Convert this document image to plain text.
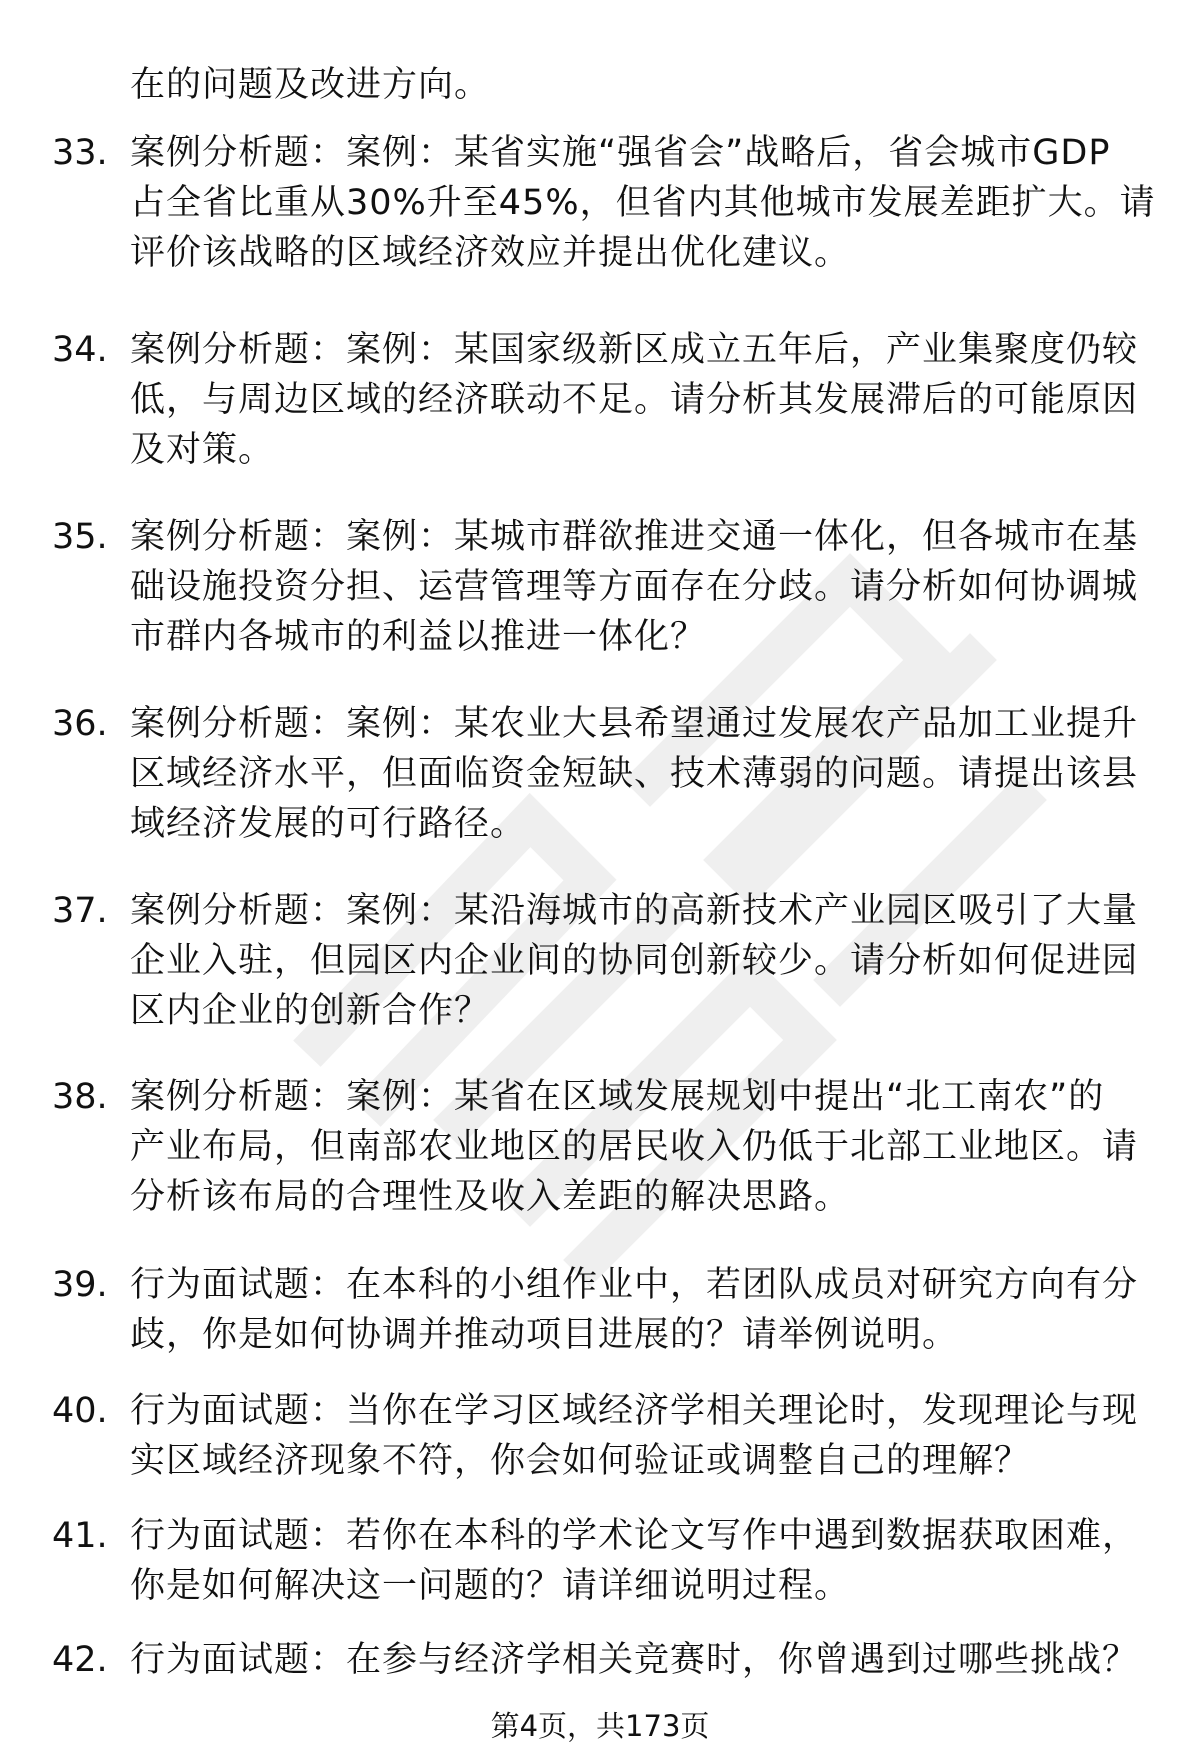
在的问题及改进方向。
33. 案例分析题：案例：某省实施“强省会”战略后，省会城市GDP
占全省比重从30%升至45%，但省内其他城市发展差距扩大。请
评价该战略的区域经济效应并提出优化建议。
34. 案例分析题：案例：某国家级新区成立五年后，产业集聚度仍较
低，与周边区域的经济联动不足。请分析其发展滞后的可能原因
及对策。
35. 案例分析题：案例：某城市群欲推进交通一体化，但各城市在基
础设施投资分担、运营管理等方面存在分歧。请分析如何协调城
市群内各城市的利益以推进一体化？
36. 案例分析题：案例：某农业大县希望通过发展农产品加工业提升
区域经济水平，但面临资金短缺、技术薄弱的问题。请提出该县
域经济发展的可行路径。
37. 案例分析题：案例：某沿海城市的高新技术产业园区吸引了大量
企业入驻，但园区内企业间的协同创新较少。请分析如何促进园
区内企业的创新合作？
38. 案例分析题：案例：某省在区域发展规划中提出“北工南农”的
产业布局，但南部农业地区的居民收入仍低于北部工业地区。请
分析该布局的合理性及收入差距的解决思路。
39. 行为面试题：在本科的小组作业中，若团队成员对研究方向有分
歧，你是如何协调并推动项目进展的？请举例说明。
40. 行为面试题：当你在学习区域经济学相关理论时，发现理论与现
实区域经济现象不符，你会如何验证或调整自己的理解？
41. 行为面试题：若你在本科的学术论文写作中遇到数据获取困难，
你是如何解决这一问题的？请详细说明过程。
42. 行为面试题：在参与经济学相关竞赛时，你曾遇到过哪些挑战？
第4页，共173页
